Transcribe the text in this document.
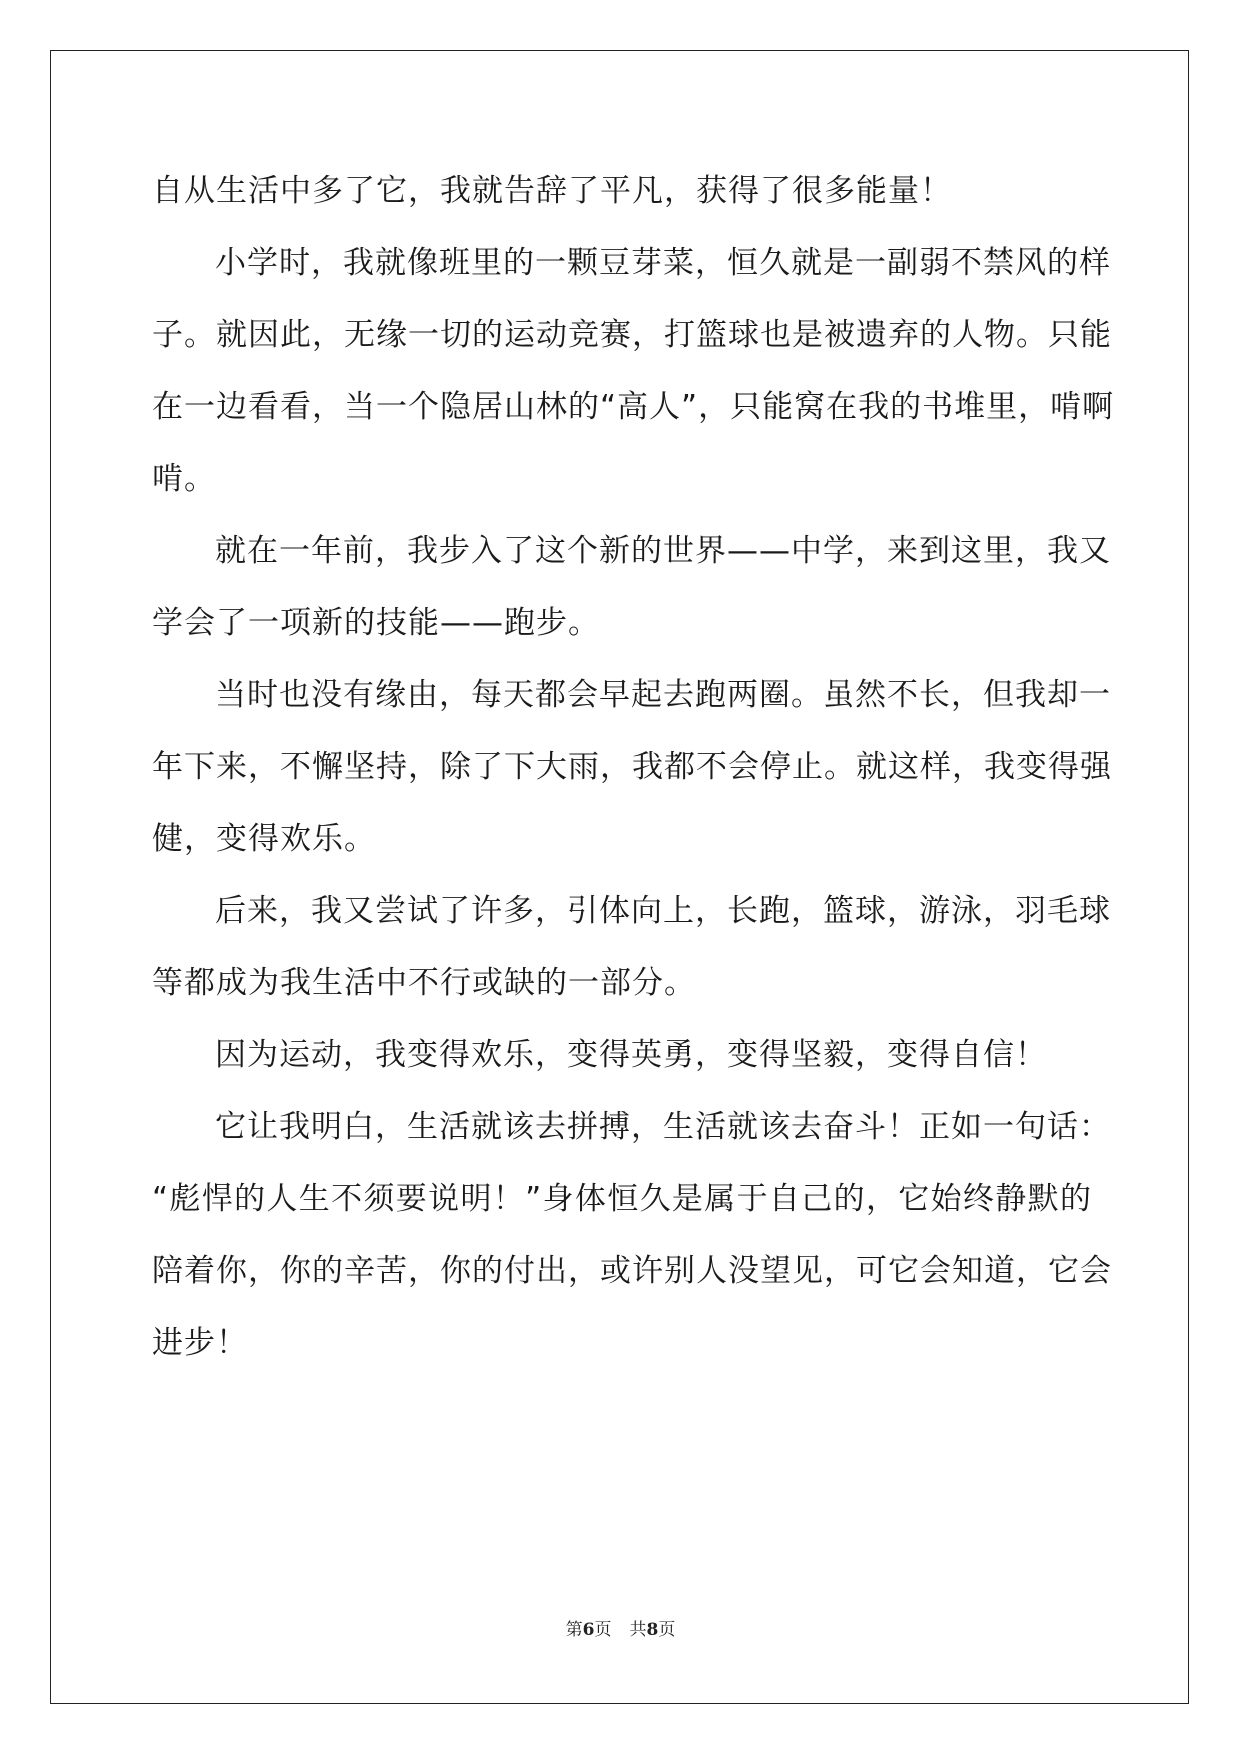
自从生活中多了它，我就告辞了平凡，获得了很多能量！
小学时，我就像班里的一颗豆芽菜，恒久就是一副弱不禁风的样
子。就因此，无缘一切的运动竞赛，打篮球也是被遗弃的人物。只能
在一边看看，当一个隐居山林的“高人”，只能窝在我的书堆里，啃啊
啃。
就在一年前，我步入了这个新的世界——中学，来到这里，我又
学会了一项新的技能——跑步。
当时也没有缘由，每天都会早起去跑两圈。虽然不长，但我却一
年下来，不懈坚持，除了下大雨，我都不会停止。就这样，我变得强
健，变得欢乐。
后来，我又尝试了许多，引体向上，长跑，篮球，游泳，羽毛球
等都成为我生活中不行或缺的一部分。
因为运动，我变得欢乐，变得英勇，变得坚毅，变得自信！
它让我明白，生活就该去拼搏，生活就该去奋斗！正如一句话：
“彪悍的人生不须要说明！”身体恒久是属于自己的，它始终静默的
陪着你，你的辛苦，你的付出，或许别人没望见，可它会知道，它会
进步！
第6页 共8页
